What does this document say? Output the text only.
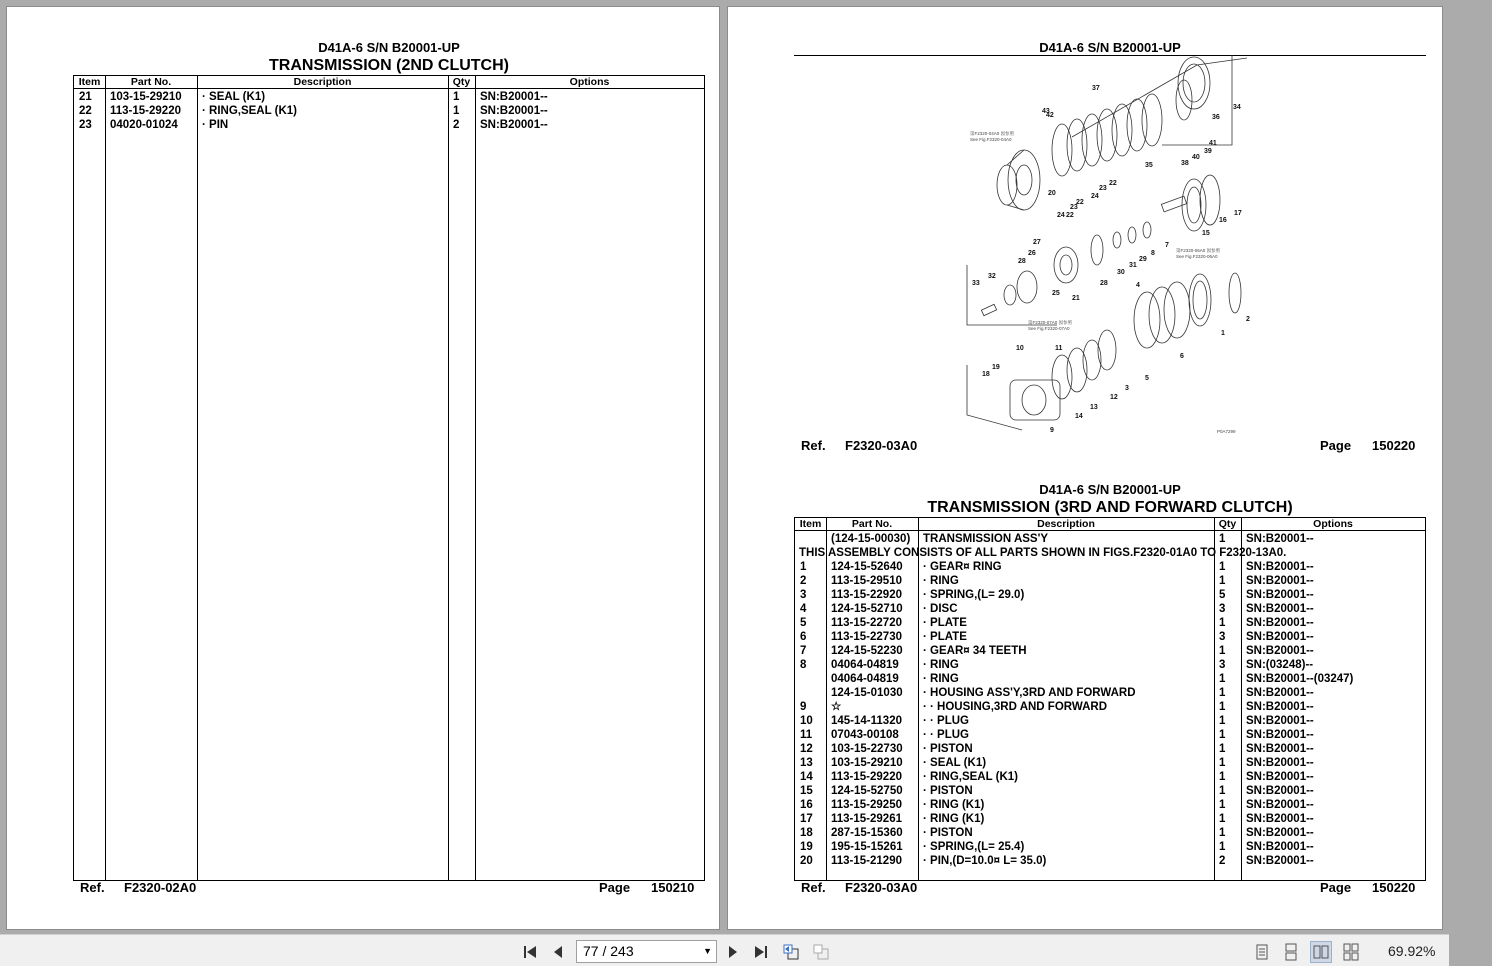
D41A-6 S/N B20001-UP
TRANSMISSION (2ND CLUTCH)
Item	Part No.	Description	Qty	Options
21 103-15-29210 · SEAL (K1)	1 SN:B20001--
22 113-15-29220 · RING,SEAL (K1)	1 SN:B20001--
23 04020-01024 · PIN	2 SN:B20001--
Ref. F2320-02A0	Page 150210
D41A-6 S/N B20001-UP
Ref. F2320-03A0	Page 150220
D41A-6 S/N B20001-UP
TRANSMISSION (3RD AND FORWARD CLUTCH)
Item	Part No.	Description	Qty	Options
(124-15-00030) TRANSMISSION ASS'Y	1 SN:B20001--
THIS ASSEMBLY CONSISTS OF ALL PARTS SHOWN IN FIGS.F2320-01A0 TO F2320-13A0.
1 124-15-52640 · GEAR¤ RING	1 SN:B20001--
2 113-15-29510 · RING	1 SN:B20001--
3 113-15-22920 · SPRING,(L= 29.0)	5 SN:B20001--
4 124-15-52710 · DISC	3 SN:B20001--
5 113-15-22720 · PLATE	1 SN:B20001--
6 113-15-22730 · PLATE	3 SN:B20001--
7 124-15-52230 · GEAR¤ 34 TEETH	1 SN:B20001--
8 04064-04819 · RING	3 SN:(03248)--
04064-04819 · RING	1 SN:B20001--(03247)
124-15-01030 · HOUSING ASS'Y,3RD AND FORWARD	1 SN:B20001--
9 ☆	· · HOUSING,3RD AND FORWARD	1 SN:B20001--
10 145-14-11320 · · PLUG	1 SN:B20001--
11 07043-00108 · · PLUG	1 SN:B20001--
12 103-15-22730 · PISTON	1 SN:B20001--
13 103-15-29210 · SEAL (K1)	1 SN:B20001--
14 113-15-29220 · RING,SEAL (K1)	1 SN:B20001--
15 124-15-52750 · PISTON	1 SN:B20001--
16 113-15-29250 · RING (K1)	1 SN:B20001--
17 113-15-29261 · RING (K1)	1 SN:B20001--
18 287-15-15360 · PISTON	1 SN:B20001--
19 195-15-15261 · SPRING,(L= 25.4)	1 SN:B20001--
20 113-15-21290 · PIN,(D=10.0¤ L= 35.0)	2 SN:B20001--
Ref. F2320-03A0	Page 150220
43
42
37
34
36
41
39
40
38
35
20
23
22
24
22
23
22
24	17
16
15
27
26
28
33
32
8
7
29
31
30
28
25
21
4
2
1
6
10	11
19
18
3
5
12
13
14
9
第F2320-04A0 図参照
See Fig.F2320-04A0
第F2320-06A0 図参照
See Fig.F2320-06A0
第F2320-07A0 図参照
See Fig.F2320-07A0
P0A7299
77 / 243	▼	69.92%
